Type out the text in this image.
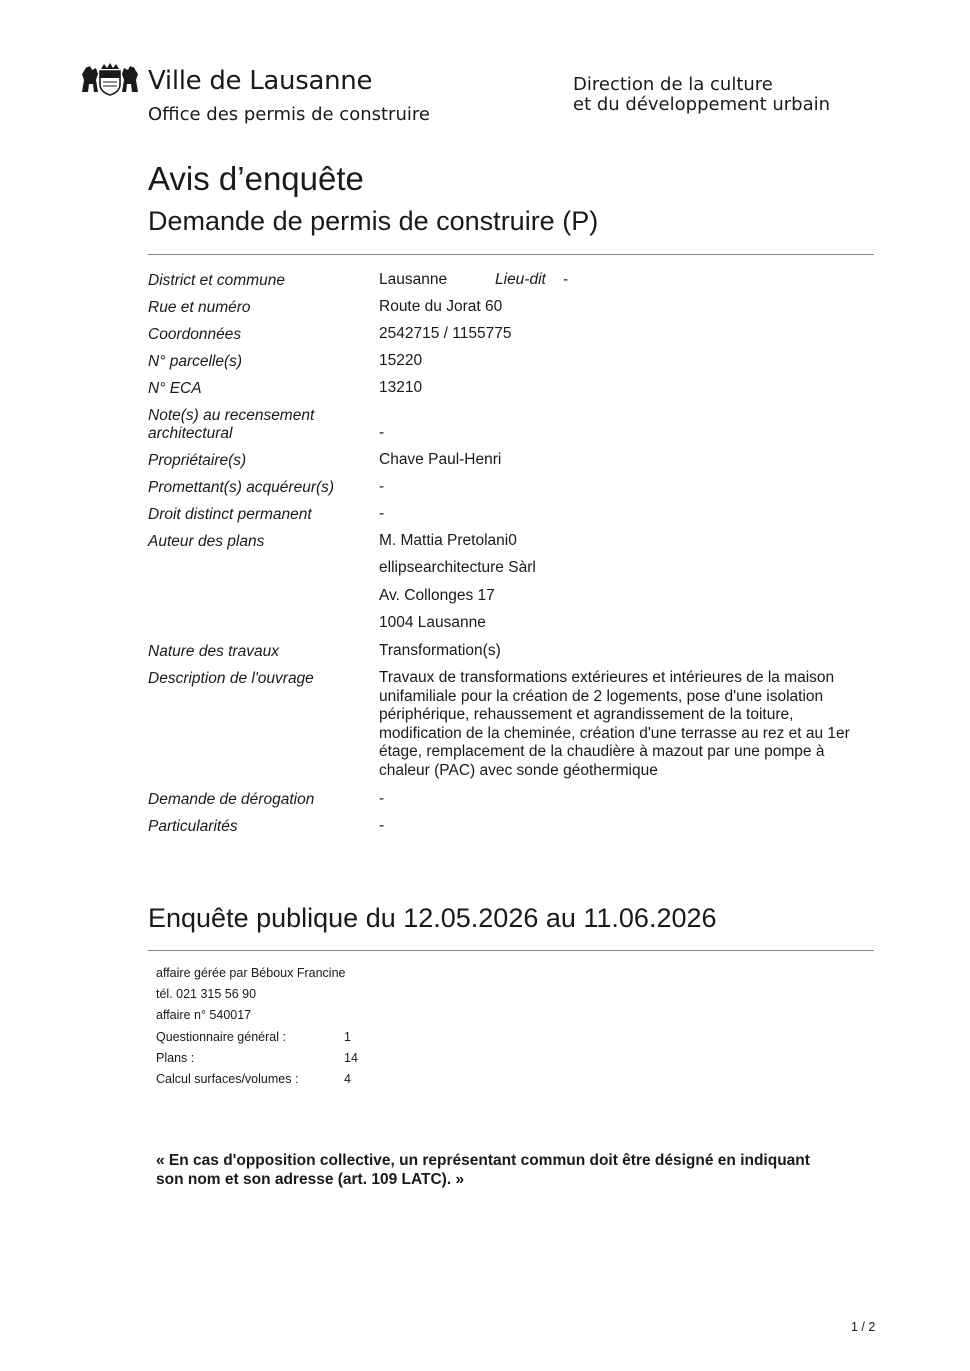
Ville de Lausanne
Office des permis de construire
Direction de la culture
et du développement urbain
Avis d’enquête
Demande de permis de construire (P)
District et commune	Lausanne	Lieu-dit -
Rue et numéro	Route du Jorat 60
Coordonnées	2542715 / 1155775
N° parcelle(s)	15220
N° ECA	13210
Note(s) au recensement
architectural	-
Propriétaire(s)	Chave Paul-Henri
Promettant(s) acquéreur(s)	-
Droit distinct permanent	-
Auteur des plans	M. Mattia Pretolani0
ellipsearchitecture Sàrl
Av. Collonges 17
1004 Lausanne
Nature des travaux	Transformation(s)
Description de l'ouvrage	Travaux de transformations extérieures et intérieures de la maison
unifamiliale pour la création de 2 logements, pose d'une isolation
périphérique, rehaussement et agrandissement de la toiture,
modification de la cheminée, création d'une terrasse au rez et au 1er
étage, remplacement de la chaudière à mazout par une pompe à
chaleur (PAC) avec sonde géothermique
Demande de dérogation	-
Particularités	-
Enquête publique du 12.05.2026 au 11.06.2026
affaire gérée par Béboux Francine
tél. 021 315 56 90
affaire n° 540017
Questionnaire général :	1
Plans :	14
Calcul surfaces/volumes :	4
« En cas d'opposition collective, un représentant commun doit être désigné en indiquant
son nom et son adresse (art. 109 LATC). »
1 / 2
